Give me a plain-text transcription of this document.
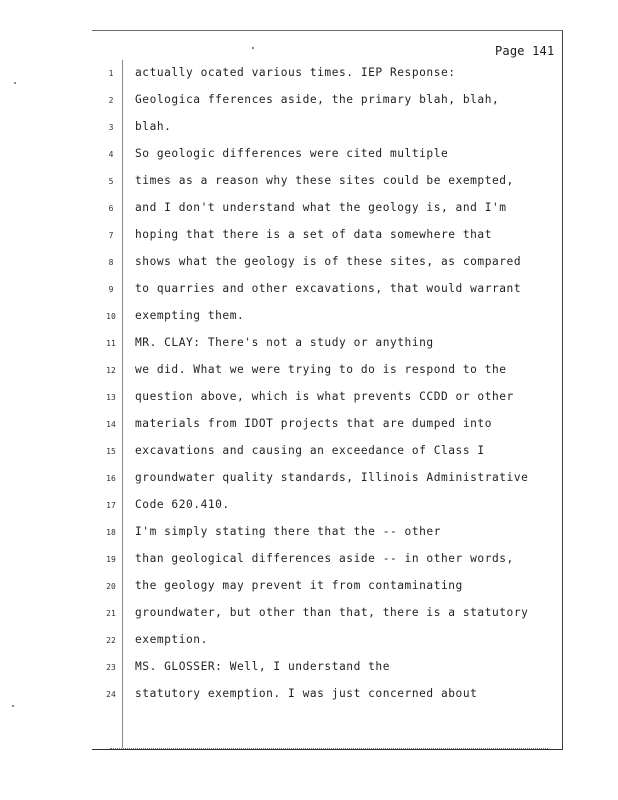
Page 141
1	actually ocated various times. IEP Response:
2	Geologica fferences aside, the primary blah, blah,
3	blah.
4	So geologic differences were cited multiple
5	times as a reason why these sites could be exempted,
6	and I don't understand what the geology is, and I'm
7	hoping that there is a set of data somewhere that
8	shows what the geology is of these sites, as compared
9	to quarries and other excavations, that would warrant
10 exempting them.
11 MR. CLAY: There's not a study or anything
12 we did. What we were trying to do is respond to the
13 question above, which is what prevents CCDD or other
14 materials from IDOT projects that are dumped into
15 excavations and causing an exceedance of Class I
16 groundwater quality standards, Illinois Administrative
17 Code 620.410.
18 I'm simply stating there that the -- other
19 than geological differences aside -- in other words,
20 the geology may prevent it from contaminating
21 groundwater, but other than that, there is a statutory
22 exemption.
23 MS. GLOSSER: Well, I understand the
24 statutory exemption. I was just concerned about
